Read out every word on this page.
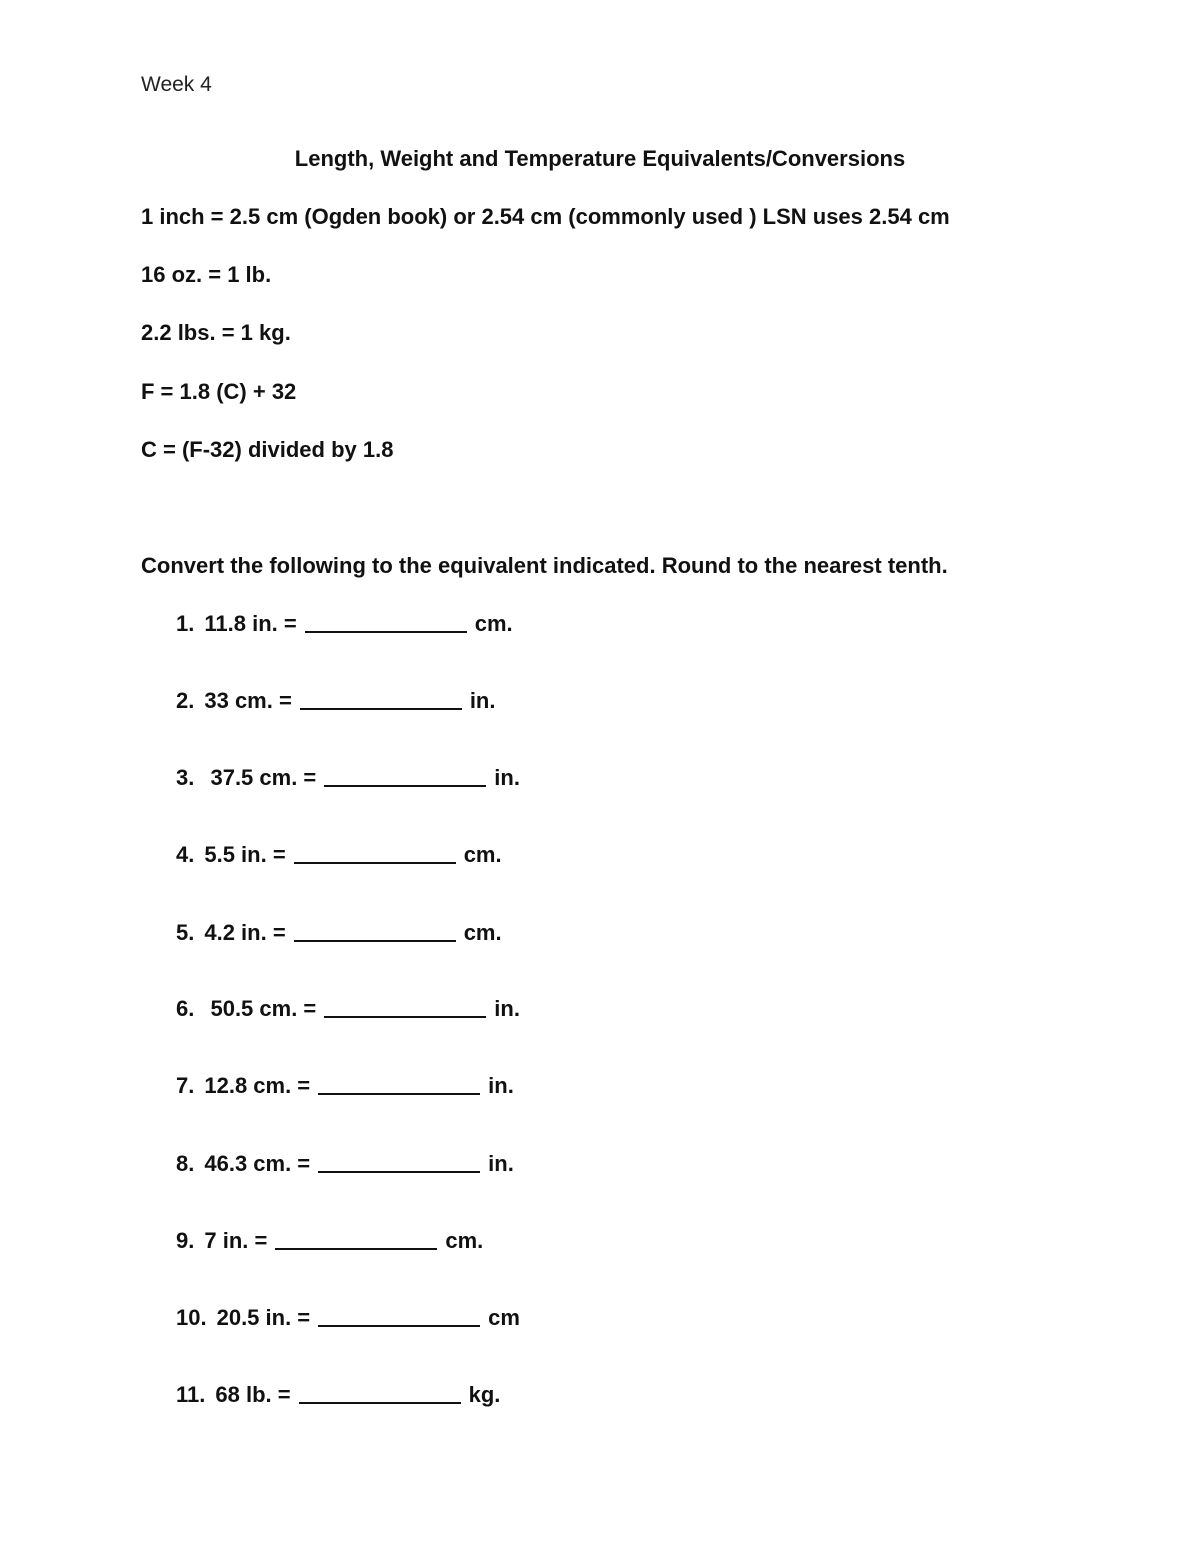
Week 4
Length, Weight and Temperature Equivalents/Conversions
1 inch = 2.5 cm (Ogden book) or 2.54 cm (commonly used ) LSN uses 2.54 cm
16 oz. = 1 lb.
2.2 lbs. = 1 kg.
F = 1.8 (C) + 32
C = (F-32) divided by 1.8
Convert the following to the equivalent indicated. Round to the nearest tenth.
1. 11.8 in. =	cm.
2. 33 cm. =	in.
3. 37.5 cm. =	in.
4. 5.5 in. =	cm.
5. 4.2 in. =	cm.
6. 50.5 cm. =	in.
7. 12.8 cm. =	in.
8. 46.3 cm. =	in.
9. 7 in. =	cm.
10. 20.5 in. =	cm
11. 68 lb. =	kg.
